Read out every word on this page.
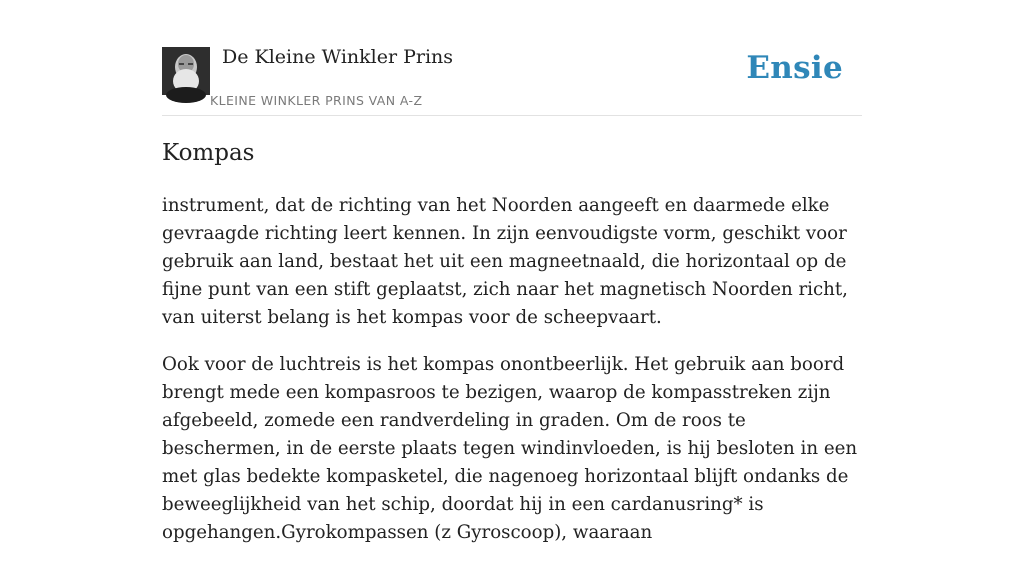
De Kleine Winkler Prins
KLEINE WINKLER PRINS VAN A-Z
Ensie
Kompas

instrument, dat de richting van het Noorden aangeeft en daarmede elke gevraagde richting leert kennen. In zijn eenvoudigste vorm, geschikt voor gebruik aan land, bestaat het uit een magneetnaald, die horizontaal op de fijne punt van een stift geplaatst, zich naar het magnetisch Noorden richt, van uiterst belang is het kompas voor de scheepvaart.

Ook voor de luchtreis is het kompas onontbeerlijk. Het gebruik aan boord brengt mede een kompasroos te bezigen, waarop de kompasstreken zijn afgebeeld, zomede een randverdeling in graden. Om de roos te beschermen, in de eerste plaats tegen windinvloeden, is hij besloten in een met glas bedekte kompasketel, die nagenoeg horizontaal blijft ondanks de beweeglijkheid van het schip, doordat hij in een cardanusring* is opgehangen.Gyrokompassen (z Gyroscoop), waaraan
